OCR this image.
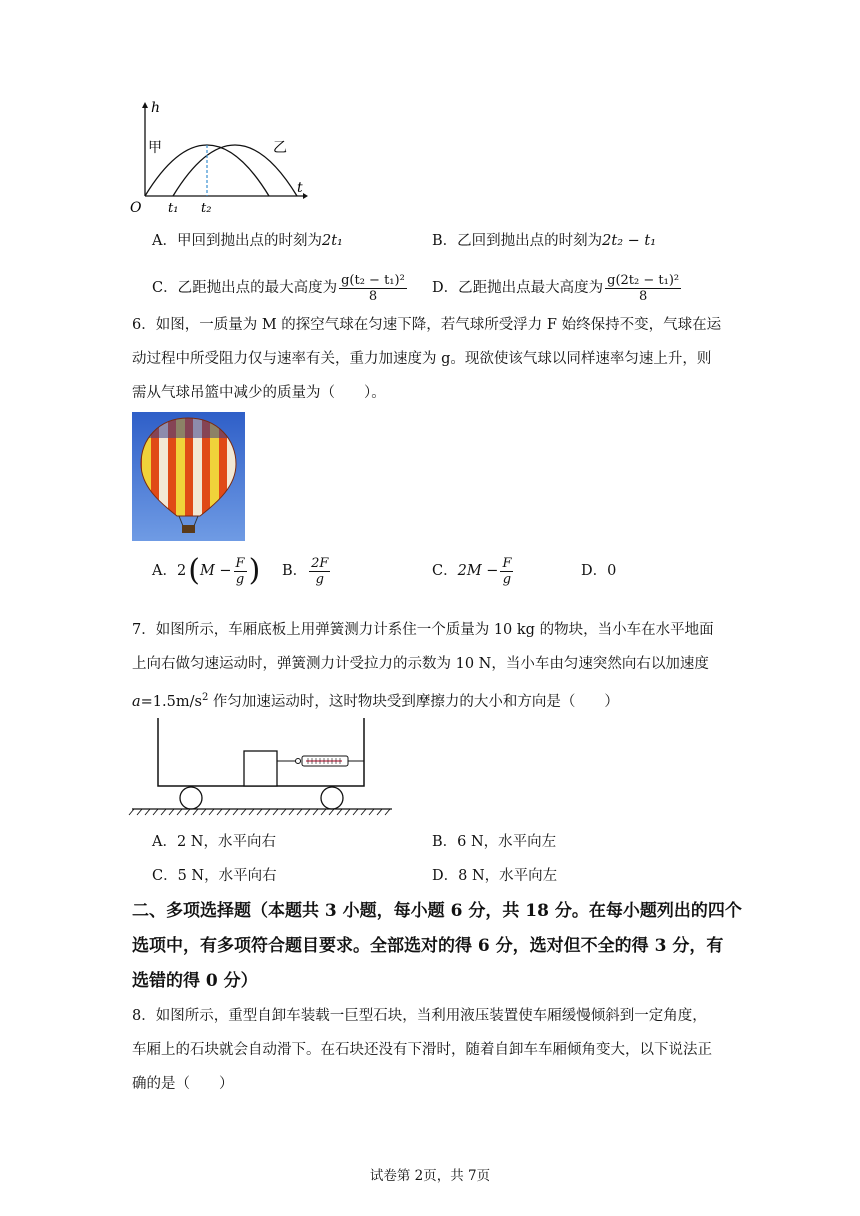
h
t
O
甲	乙
t₁ t₂
A．甲回到抛出点的时刻为2t₁	B．乙回到抛出点的时刻为2t₂ − t₁
C．乙距抛出点的最大高度为 $\frac{\text{g(t₂ − t₁)²}}{8}$ D．乙距抛出点最大高度为 $\frac{\text{g(2t₂ − t₁)²}}{8}$
6．如图，一质量为 M 的探空气球在匀速下降，若气球所受浮力 F 始终保持不变，气球在运
动过程中所受阻力仅与速率有关，重力加速度为 g。现欲使该气球以同样速率匀速上升，则
需从气球吊篮中减少的质量为（　　）。
A． 2 ( $M - \frac{F}{g}$ ) B． $\frac{2F}{g}$	C． $2M - \frac{F}{g}$	D．0
7．如图所示，车厢底板上用弹簧测力计系住一个质量为 10 kg 的物块，当小车在水平地面
上向右做匀速运动时，弹簧测力计受拉力的示数为 10 N，当小车由匀速突然向右以加速度
$a=1.5m/s^2$ 作匀加速运动时，这时物块受到摩擦力的大小和方向是（　　）
A．2 N，水平向右	B．6 N，水平向左
C．5 N，水平向右	D．8 N，水平向左
二、多项选择题（本题共 3 小题，每小题 6 分，共 18 分。在每小题列出的四个
选项中，有多项符合题目要求。全部选对的得 6 分，选对但不全的得 3 分，有
选错的得 0 分）
8．如图所示，重型自卸车装载一巨型石块，当利用液压装置使车厢缓慢倾斜到一定角度，
车厢上的石块就会自动滑下。在石块还没有下滑时，随着自卸车车厢倾角变大，以下说法正
确的是（　　）
试卷第 2页，共 7页
